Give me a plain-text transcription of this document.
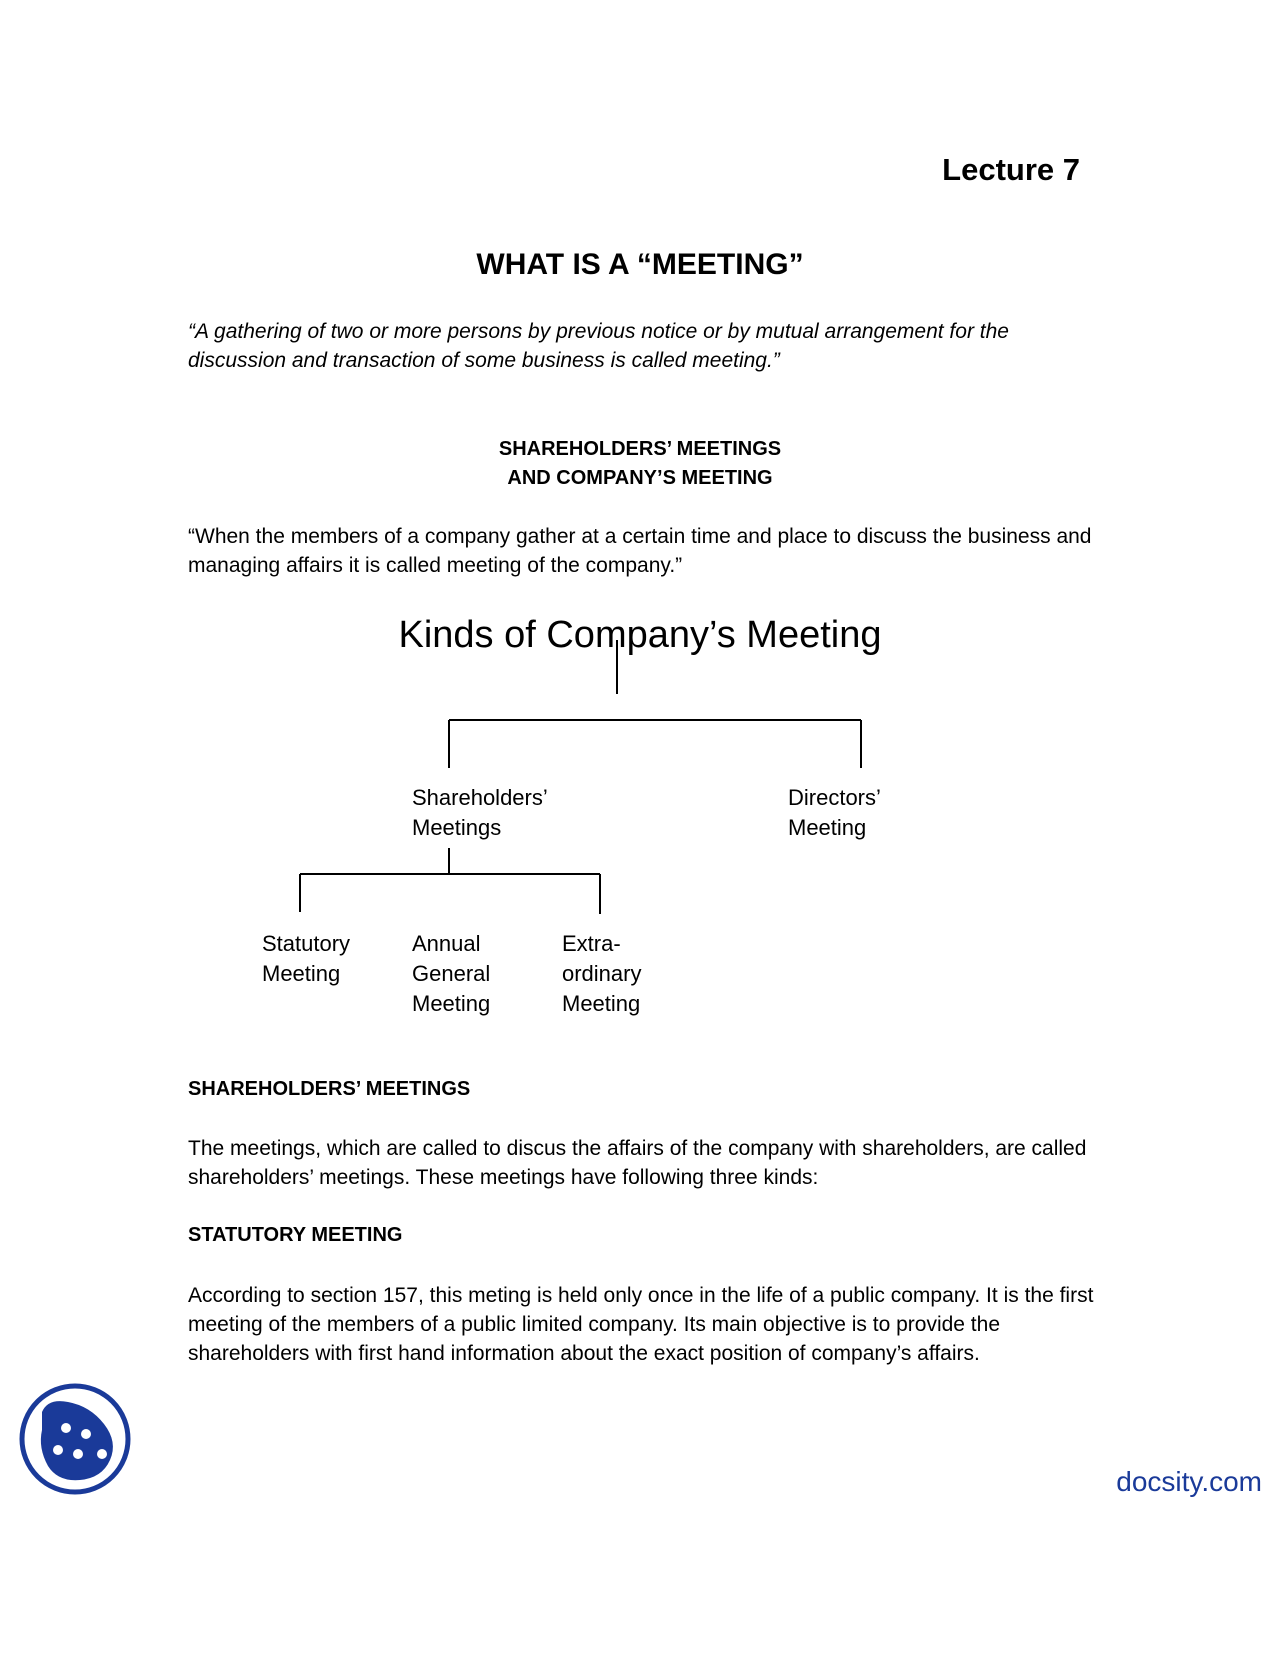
Lecture 7
WHAT IS A “MEETING”

“A gathering of two or more persons by previous notice or by mutual arrangement for the discussion and transaction of some business is called meeting.”

SHAREHOLDERS’ MEETINGS
AND COMPANY’S MEETING

“When the members of a company gather at a certain time and place to discuss the business and managing affairs it is called meeting of the company.”

Kinds of Company’s Meeting
Shareholders’ Meetings
Directors’ Meeting
Statutory Meeting
Annual General Meeting
Extra- ordinary Meeting
SHAREHOLDERS’ MEETINGS

The meetings, which are called to discus the affairs of the company with shareholders, are called shareholders’ meetings. These meetings have following three kinds:

STATUTORY MEETING

According to section 157, this meting is held only once in the life of a public company. It is the first meeting of the members of a public limited company. Its main objective is to provide the shareholders with first hand information about the exact position of company’s affairs.

docsity.com
